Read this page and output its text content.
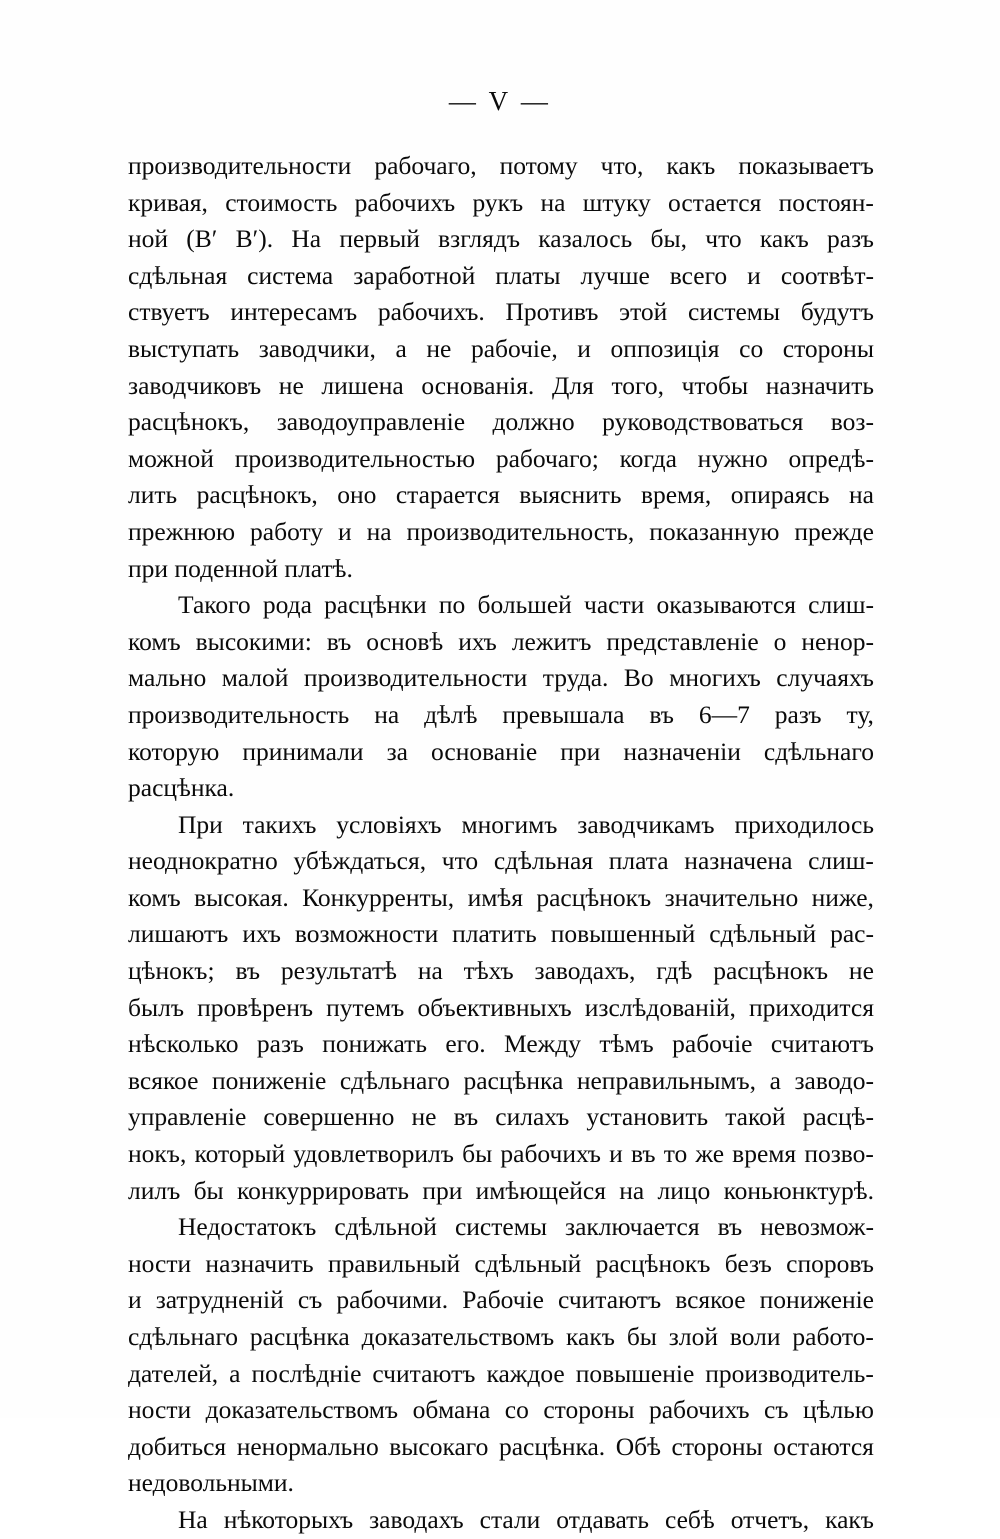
— V —
производительности рабочаго, потому что, какъ показываетъ
кривая, стоимость рабочихъ рукъ на штуку остается постоян-
ной (B′ B′). На первый взглядъ казалось бы, что какъ разъ
сдѣльная система заработной платы лучше всего и соотвѣт-
ствуетъ интересамъ рабочихъ. Противъ этой системы будутъ
выступать заводчики, а не рабочіе, и оппозиція со стороны
заводчиковъ не лишена основанія. Для того, чтобы назначить
расцѣнокъ, заводоуправленіе должно руководствоваться воз-
можной производительностью рабочаго; когда нужно опредѣ-
лить расцѣнокъ, оно старается выяснить время, опираясь на
прежнюю работу и на производительность, показанную прежде
при поденной платѣ.
Такого рода расцѣнки по большей части оказываются слиш-
комъ высокими: въ основѣ ихъ лежитъ представленіе о ненор-
мально малой производительности труда. Во многихъ случаяхъ
производительность на дѣлѣ превышала въ 6—7 разъ ту,
которую принимали за основаніе при назначеніи сдѣльнаго
расцѣнка.
При такихъ условіяхъ многимъ заводчикамъ приходилось
неоднократно убѣждаться, что сдѣльная плата назначена слиш-
комъ высокая. Конкурренты, имѣя расцѣнокъ значительно ниже,
лишаютъ ихъ возможности платить повышенный сдѣльный рас-
цѣнокъ; въ результатѣ на тѣхъ заводахъ, гдѣ расцѣнокъ не
былъ провѣренъ путемъ объективныхъ изслѣдованій, приходится
нѣсколько разъ понижать его. Между тѣмъ рабочіе считаютъ
всякое пониженіе сдѣльнаго расцѣнка неправильнымъ, а заводо-
управленіе совершенно не въ силахъ установить такой расцѣ-
нокъ, который удовлетворилъ бы рабочихъ и въ то же время позво-
лилъ бы конкуррировать при имѣющейся на лицо коньюнктурѣ.
Недостатокъ сдѣльной системы заключается въ невозмож-
ности назначить правильный сдѣльный расцѣнокъ безъ споровъ
и затрудненій съ рабочими. Рабочіе считаютъ всякое пониженіе
сдѣльнаго расцѣнка доказательствомъ какъ бы злой воли работо-
дателей, а послѣдніе считаютъ каждое повышеніе производитель-
ности доказательствомъ обмана со стороны рабочихъ съ цѣлью
добиться ненормально высокаго расцѣнка. Обѣ стороны остаются
недовольными.
На нѣкоторыхъ заводахъ стали отдавать себѣ отчетъ, какъ
